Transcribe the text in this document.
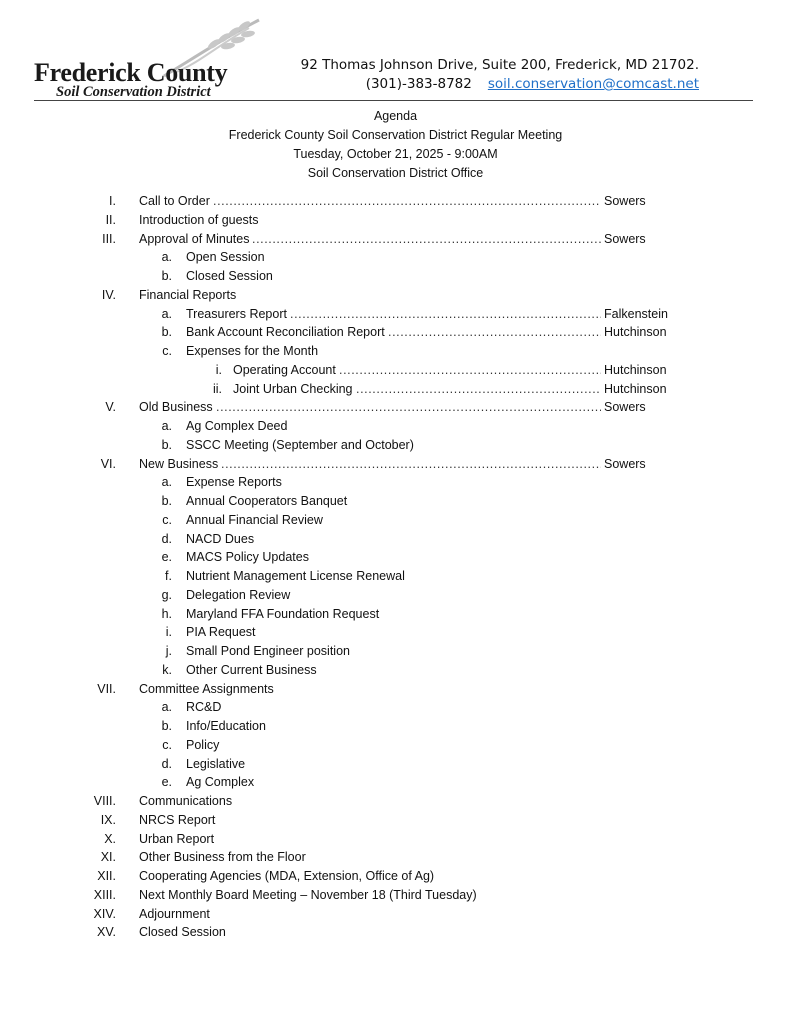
Frederick County
Soil Conservation District
92 Thomas Johnson Drive, Suite 200, Frederick, MD 21702.
(301)-383-8782 soil.conservation@comcast.net
Agenda
Frederick County Soil Conservation District Regular Meeting
Tuesday, October 21, 2025 - 9:00AM
Soil Conservation District Office
I. Call to Order .....	Sowers
II. Introduction of guests
III. Approval of Minutes .....	Sowers
a. Open Session
b. Closed Session
IV. Financial Reports
a. Treasurers Report .....	Falkenstein
b. Bank Account Reconciliation Report .....	Hutchinson
c. Expenses for the Month
i. Operating Account .....	Hutchinson
ii. Joint Urban Checking .....	Hutchinson
V. Old Business .....	Sowers
a. Ag Complex Deed
b. SSCC Meeting (September and October)
VI. New Business .....	Sowers
a. Expense Reports
b. Annual Cooperators Banquet
c. Annual Financial Review
d. NACD Dues
e. MACS Policy Updates
f. Nutrient Management License Renewal
g. Delegation Review
h. Maryland FFA Foundation Request
i. PIA Request
j. Small Pond Engineer position
k. Other Current Business
VII. Committee Assignments
a. RC&D
b. Info/Education
c. Policy
d. Legislative
e. Ag Complex
VIII. Communications
IX. NRCS Report
X. Urban Report
XI. Other Business from the Floor
XII. Cooperating Agencies (MDA, Extension, Office of Ag)
XIII. Next Monthly Board Meeting – November 18 (Third Tuesday)
XIV. Adjournment
XV. Closed Session
